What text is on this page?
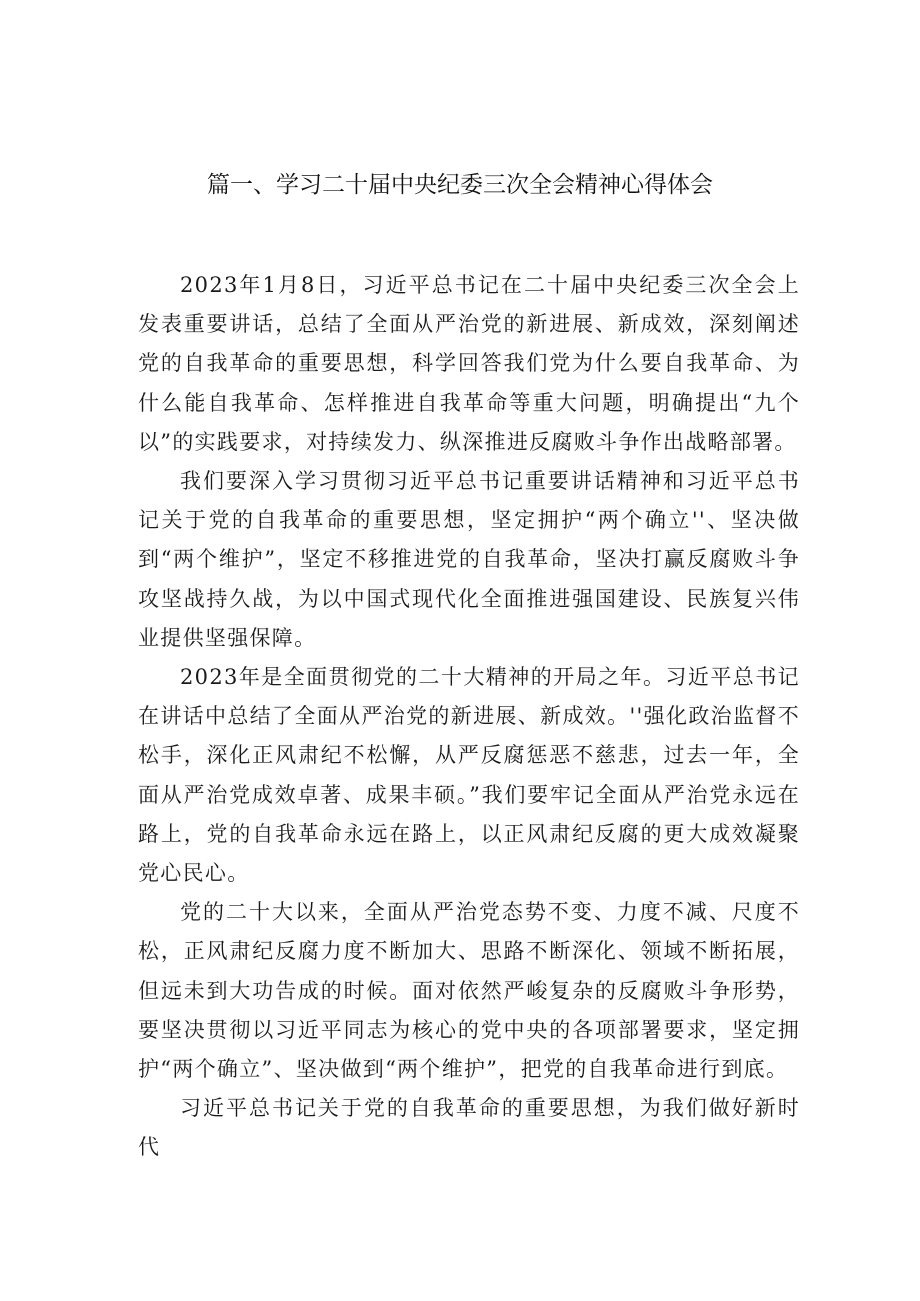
篇一、学习二十届中央纪委三次全会精神心得体会

2023年1月8日，习近平总书记在二十届中央纪委三次全会上发表重要讲话，总结了全面从严治党的新进展、新成效，深刻阐述党的自我革命的重要思想，科学回答我们党为什么要自我革命、为什么能自我革命、怎样推进自我革命等重大问题，明确提出“九个以”的实践要求，对持续发力、纵深推进反腐败斗争作出战略部署。

我们要深入学习贯彻习近平总书记重要讲话精神和习近平总书记关于党的自我革命的重要思想，坚定拥护“两个确立''、坚决做到“两个维护”，坚定不移推进党的自我革命，坚决打赢反腐败斗争攻坚战持久战，为以中国式现代化全面推进强国建设、民族复兴伟业提供坚强保障。

2023年是全面贯彻党的二十大精神的开局之年。习近平总书记在讲话中总结了全面从严治党的新进展、新成效。''强化政治监督不松手，深化正风肃纪不松懈，从严反腐惩恶不慈悲，过去一年，全面从严治党成效卓著、成果丰硕。”我们要牢记全面从严治党永远在路上，党的自我革命永远在路上，以正风肃纪反腐的更大成效凝聚党心民心。

党的二十大以来，全面从严治党态势不变、力度不减、尺度不松，正风肃纪反腐力度不断加大、思路不断深化、领域不断拓展，但远未到大功告成的时候。面对依然严峻复杂的反腐败斗争形势，要坚决贯彻以习近平同志为核心的党中央的各项部署要求，坚定拥护“两个确立”、坚决做到“两个维护”，把党的自我革命进行到底。

习近平总书记关于党的自我革命的重要思想，为我们做好新时代
